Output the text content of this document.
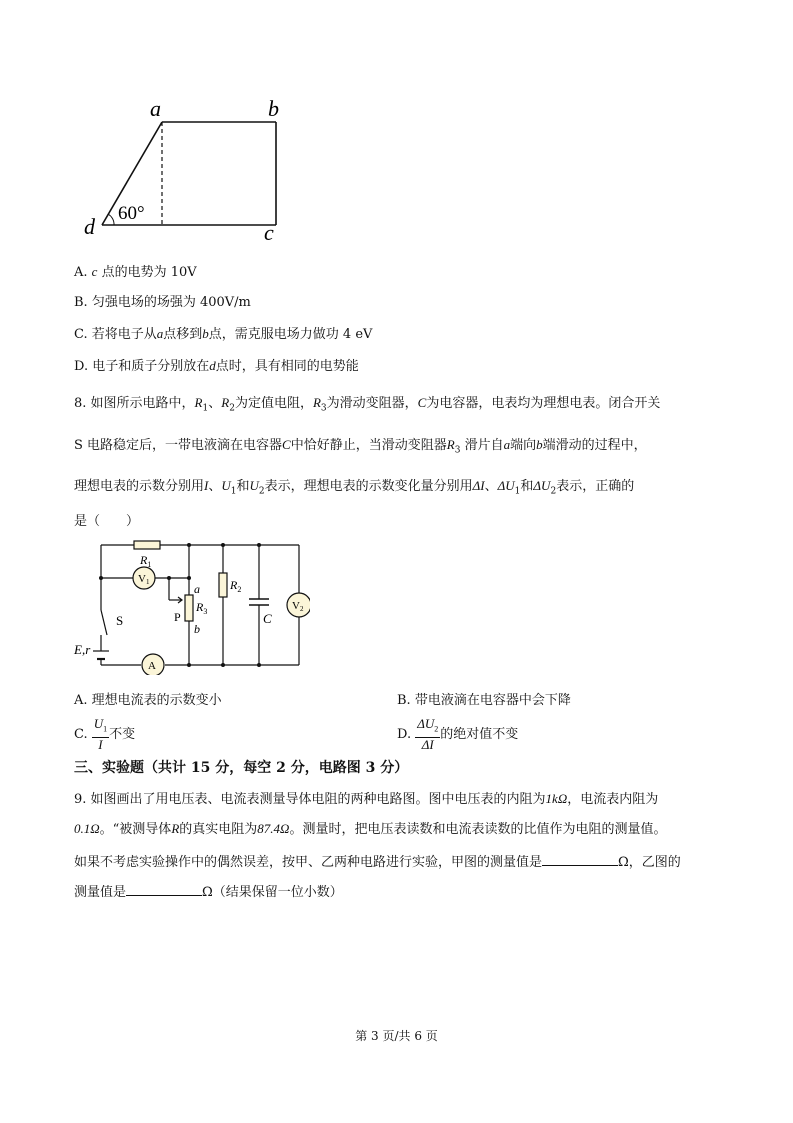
a	b
c
d
60°
A. c 点的电势为 10V
B. 匀强电场的场强为 400V/m
C. 若将电子从a点移到b点，需克服电场力做功 4 eV
D. 电子和质子分别放在d点时，具有相同的电势能
8. 如图所示电路中，$R_1$、$R_2$为定值电阻，$R_3$为滑动变阻器，C为电容器，电表均为理想电表。闭合开关
S 电路稳定后，一带电液滴在电容器C中恰好静止，当滑动变阻器$R_3$ 滑片自a端向b端滑动的过程中，
理想电表的示数分别用I、$U_1$和$U_2$表示，理想电表的示数变化量分别用ΔI、$\Delta U_1$和$\Delta U_2$表示，正确的
是（　　）
$R_1$
V1	a
$R_3$
P
b
$R_2$
C
V2
S
E,r
A
A. 理想电流表的示数变小	B. 带电液滴在电容器中会下降
C. $\frac{U_1}{I}$ 不变	D. $\frac{\Delta U_2}{\Delta I}$ 的绝对值不变
三、实验题（共计 15 分，每空 2 分，电路图 3 分）
9. 如图画出了用电压表、电流表测量导体电阻的两种电路图。图中电压表的内阻为1kΩ，电流表内阻为
0.1Ω。“被测导体R的真实电阻为87.4Ω。测量时，把电压表读数和电流表读数的比值作为电阻的测量值。
如果不考虑实验操作中的偶然误差，按甲、乙两种电路进行实验，甲图的测量值是	Ω，乙图的
测量值是	Ω（结果保留一位小数）
第 3 页/共 6 页
